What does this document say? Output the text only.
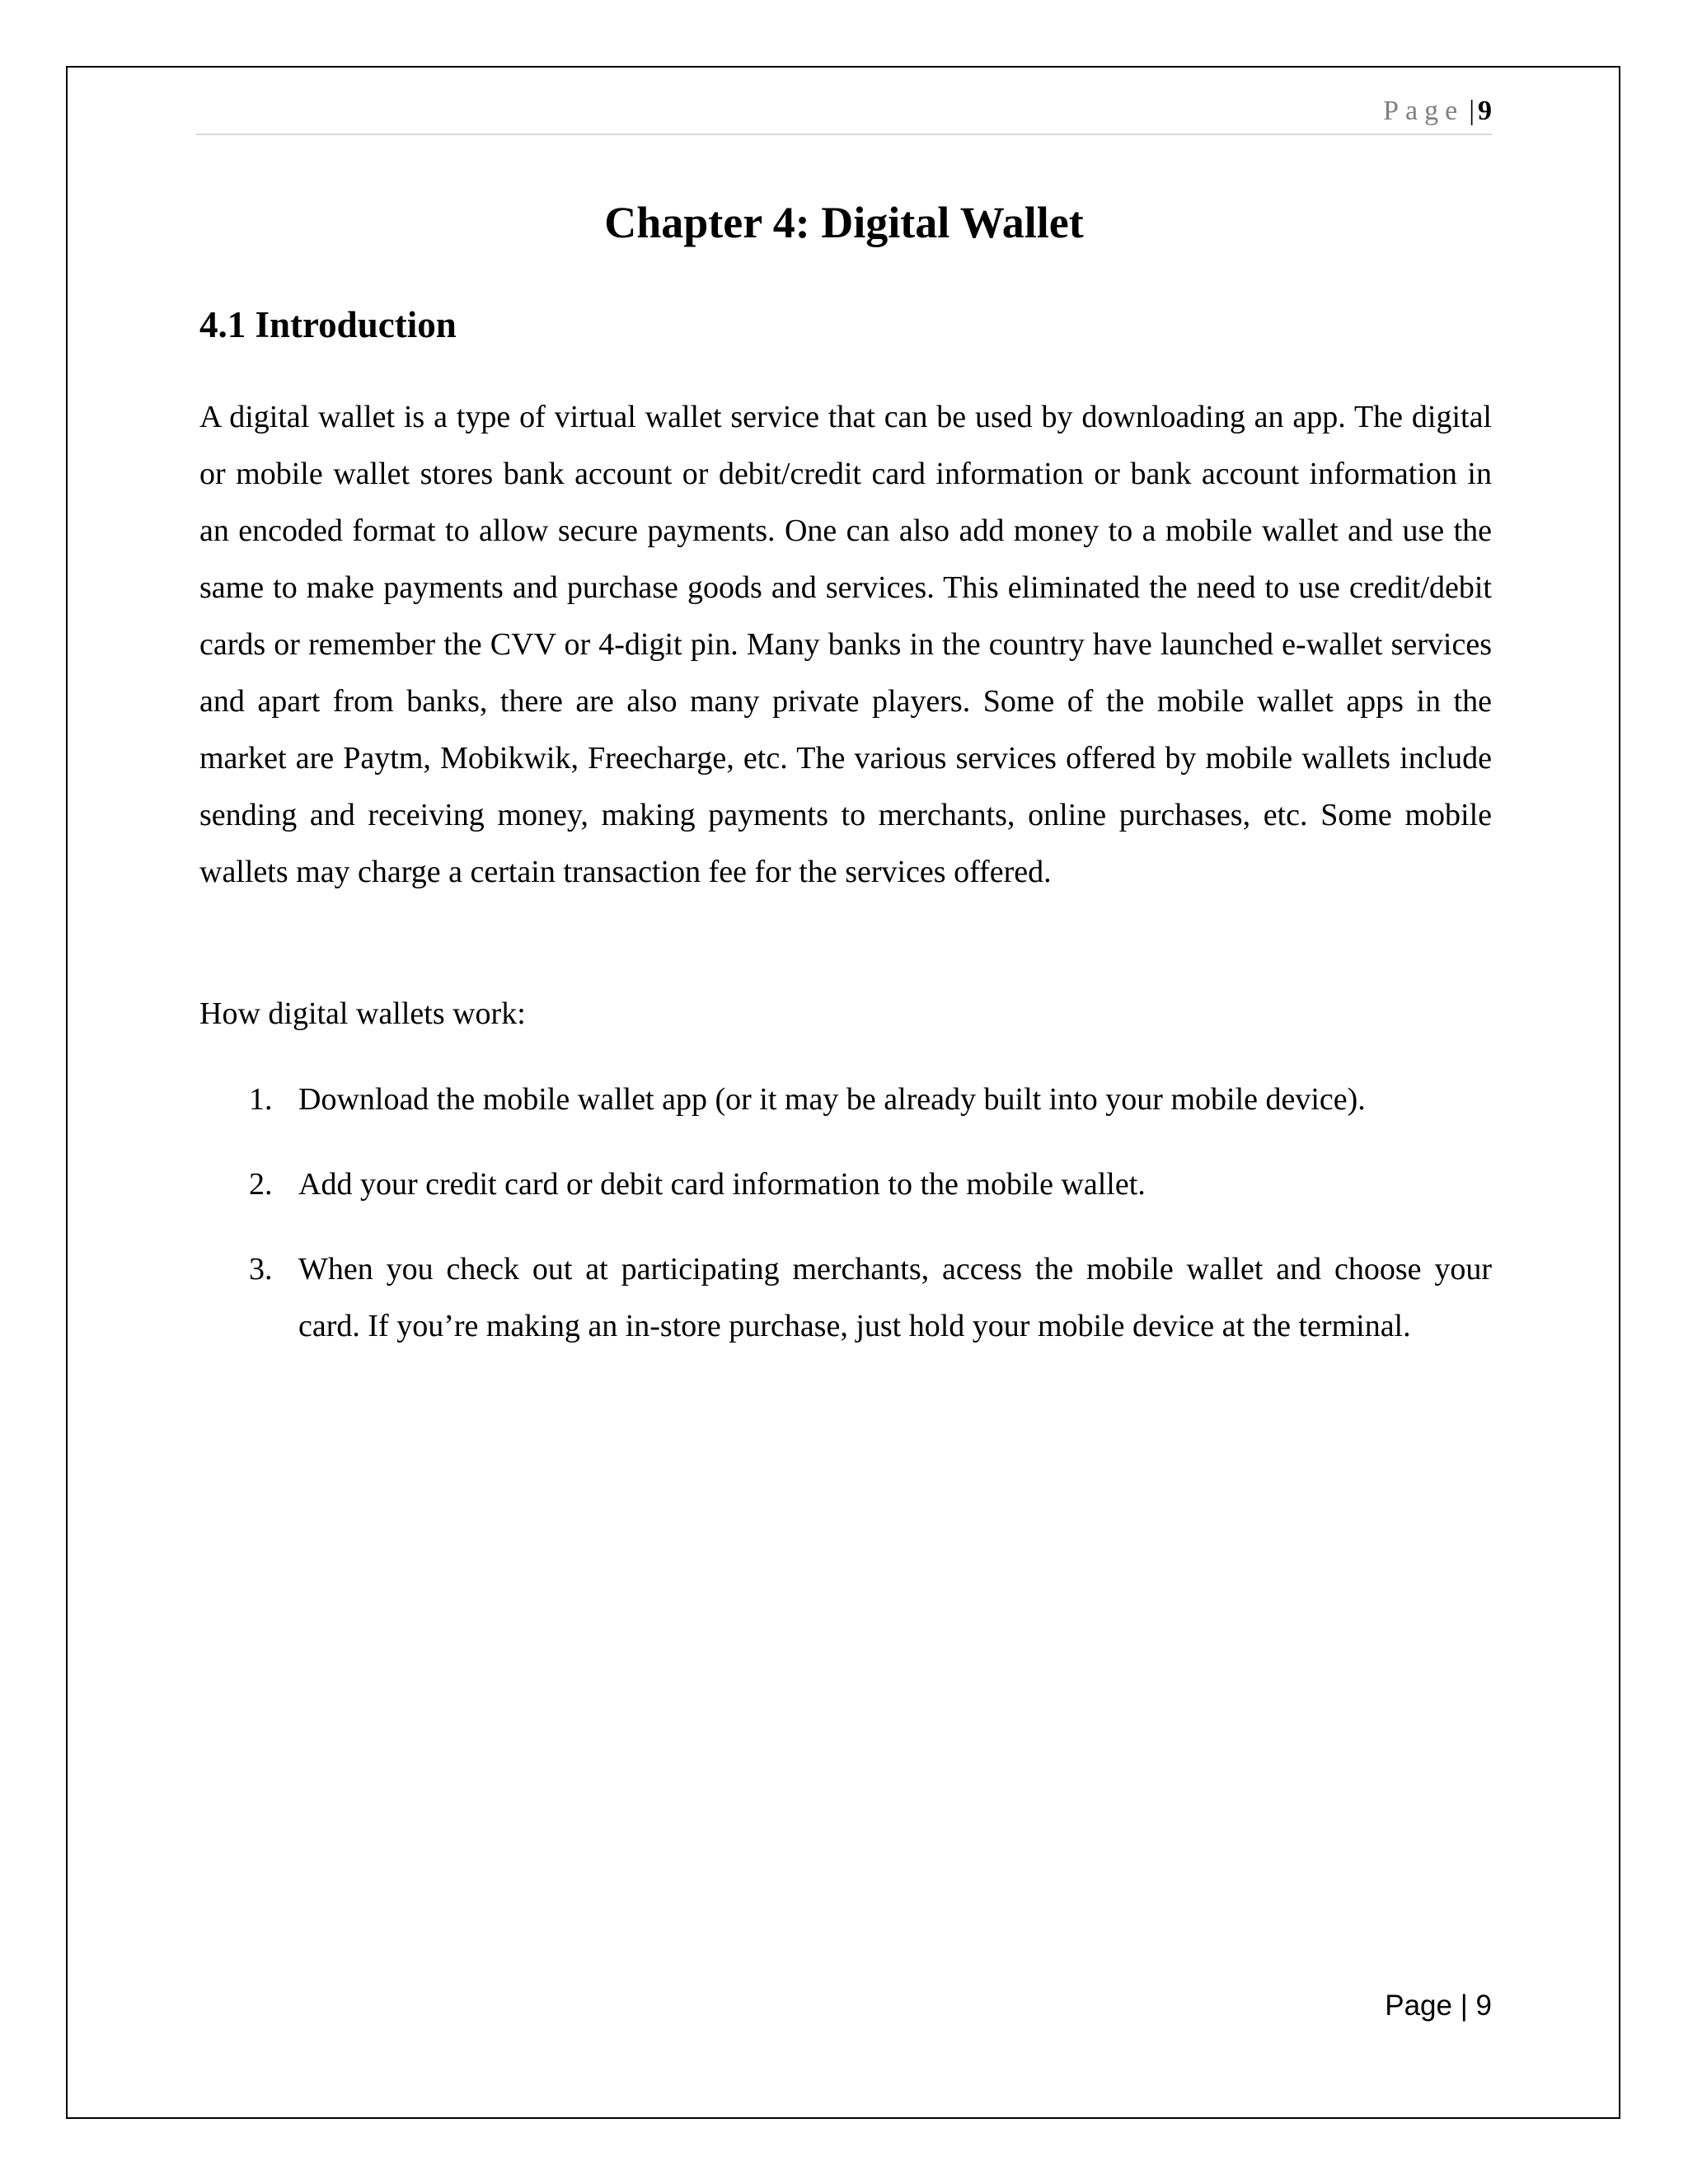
Page | 9
Chapter 4: Digital Wallet
4.1 Introduction

A digital wallet is a type of virtual wallet service that can be used by downloading an app. The digital or mobile wallet stores bank account or debit/credit card information or bank account information in an encoded format to allow secure payments. One can also add money to a mobile wallet and use the same to make payments and purchase goods and services. This eliminated the need to use credit/debit cards or remember the CVV or 4-digit pin. Many banks in the country have launched e-wallet services and apart from banks, there are also many private players. Some of the mobile wallet apps in the market are Paytm, Mobikwik, Freecharge, etc. The various services offered by mobile wallets include sending and receiving money, making payments to merchants, online purchases, etc. Some mobile wallets may charge a certain transaction fee for the services offered.

How digital wallets work:

1. Download the mobile wallet app (or it may be already built into your mobile device).
2. Add your credit card or debit card information to the mobile wallet.
3. When you check out at participating merchants, access the mobile wallet and choose your card. If you’re making an in-store purchase, just hold your mobile device at the terminal.
Page | 9
